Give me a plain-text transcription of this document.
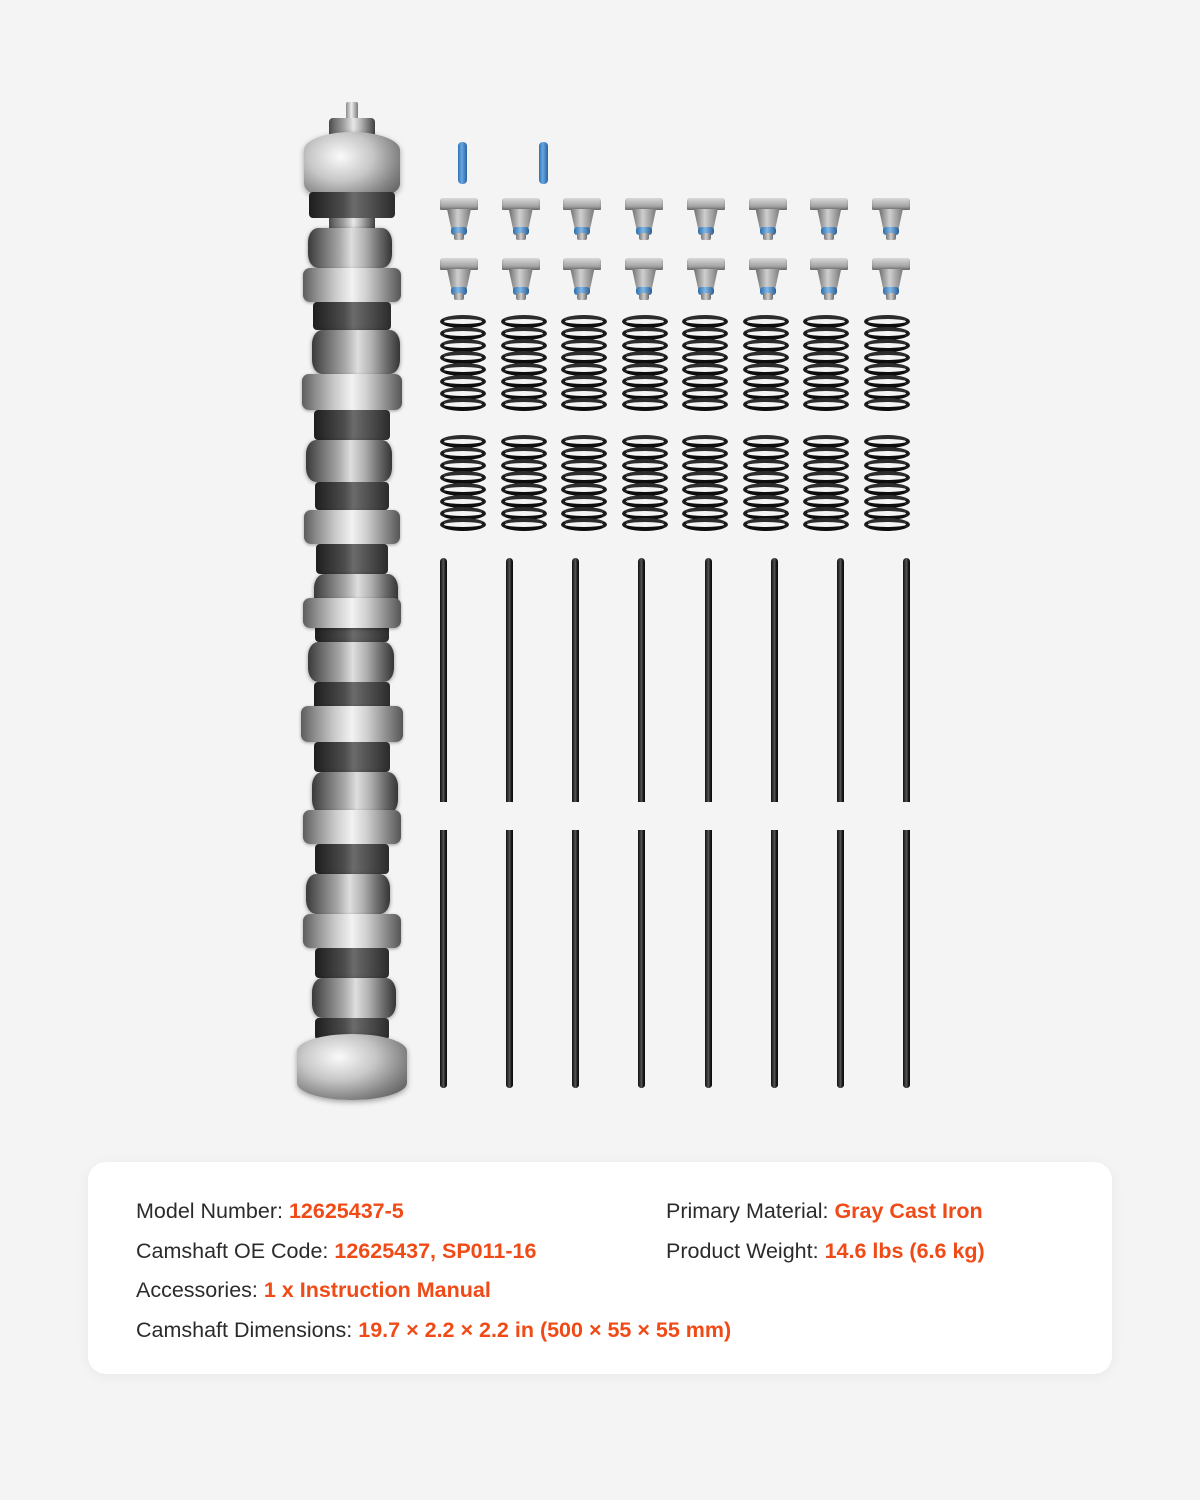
Model Number: 12625437-5
Camshaft OE Code: 12625437, SP011-16
Accessories: 1 x Instruction Manual
Camshaft Dimensions: 19.7 × 2.2 × 2.2 in (500 × 55 × 55 mm)
Primary Material: Gray Cast Iron
Product Weight: 14.6 lbs (6.6 kg)
